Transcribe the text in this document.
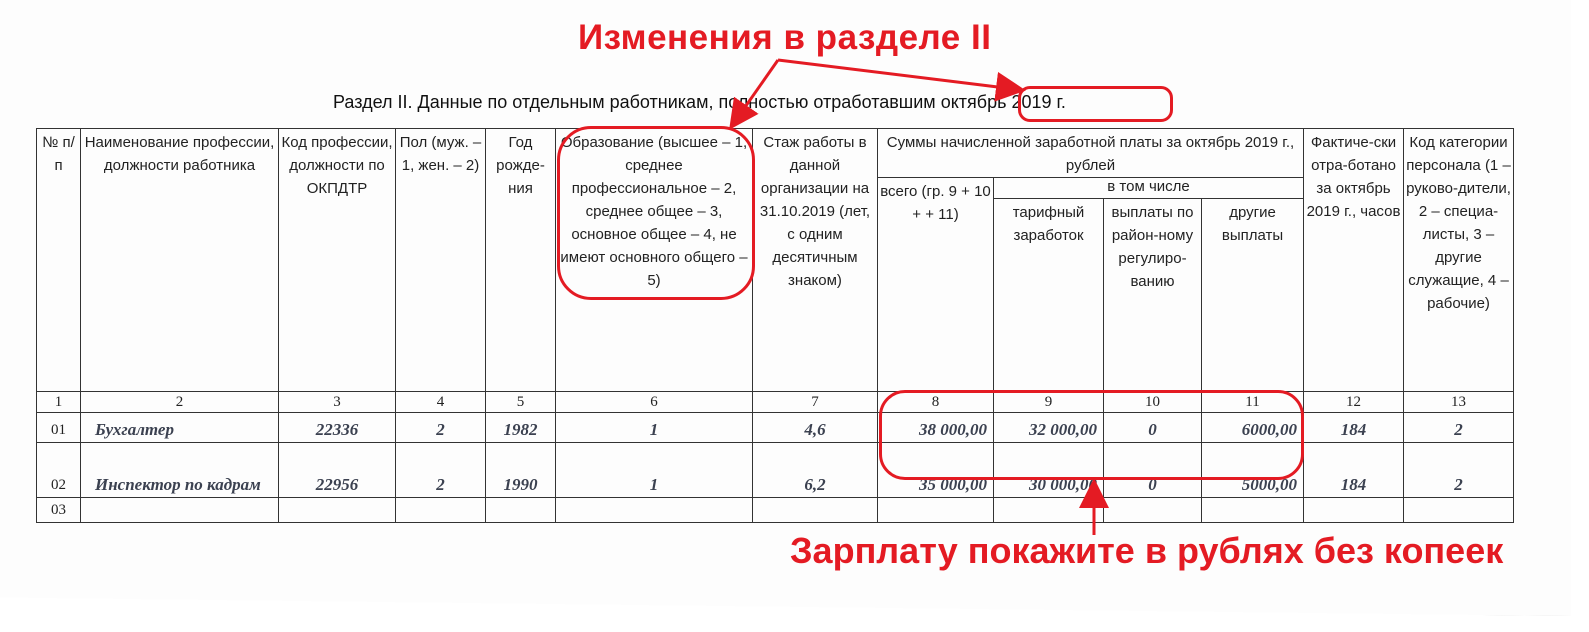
Изменения в разделе II
Раздел II. Данные по отдельным работникам, полностью отработавшим октябрь 2019 г.
№ п/п	Наименование профессии, должности работника	Код профессии, должности по ОКПДТР	Пол (муж. – 1, жен. – 2)	Год рожде-ния	Образование (высшее – 1, среднее профессиональное – 2, среднее общее – 3, основное общее – 4, не имеют основного общего – 5)	Стаж работы в данной организации на 31.10.2019 (лет, с одним десятичным знаком)	Суммы начисленной заработной платы за октябрь 2019 г., рублей				Фактиче-ски отра-ботано за октябрь 2019 г., часов	Код категории персонала (1 – руково-дители, 2 – специа-листы, 3 – другие служащие, 4 – рабочие)
							всего (гр. 9 + 10 + + 11)	в том числе				
								тарифный заработок	выплаты по район-ному регулиро-ванию	другие выплаты		
1	2	3	4	5	6	7	8	9	10	11	12	13
01	Бухгалтер	22336	2	1982	1	4,6	38 000,00	32 000,00	0	6000,00	184	2
02	Инспектор по кадрам	22956	2	1990	1	6,2	35 000,00	30 000,00	0	5000,00	184	2
03												
Зарплату покажите в рублях без копеек
